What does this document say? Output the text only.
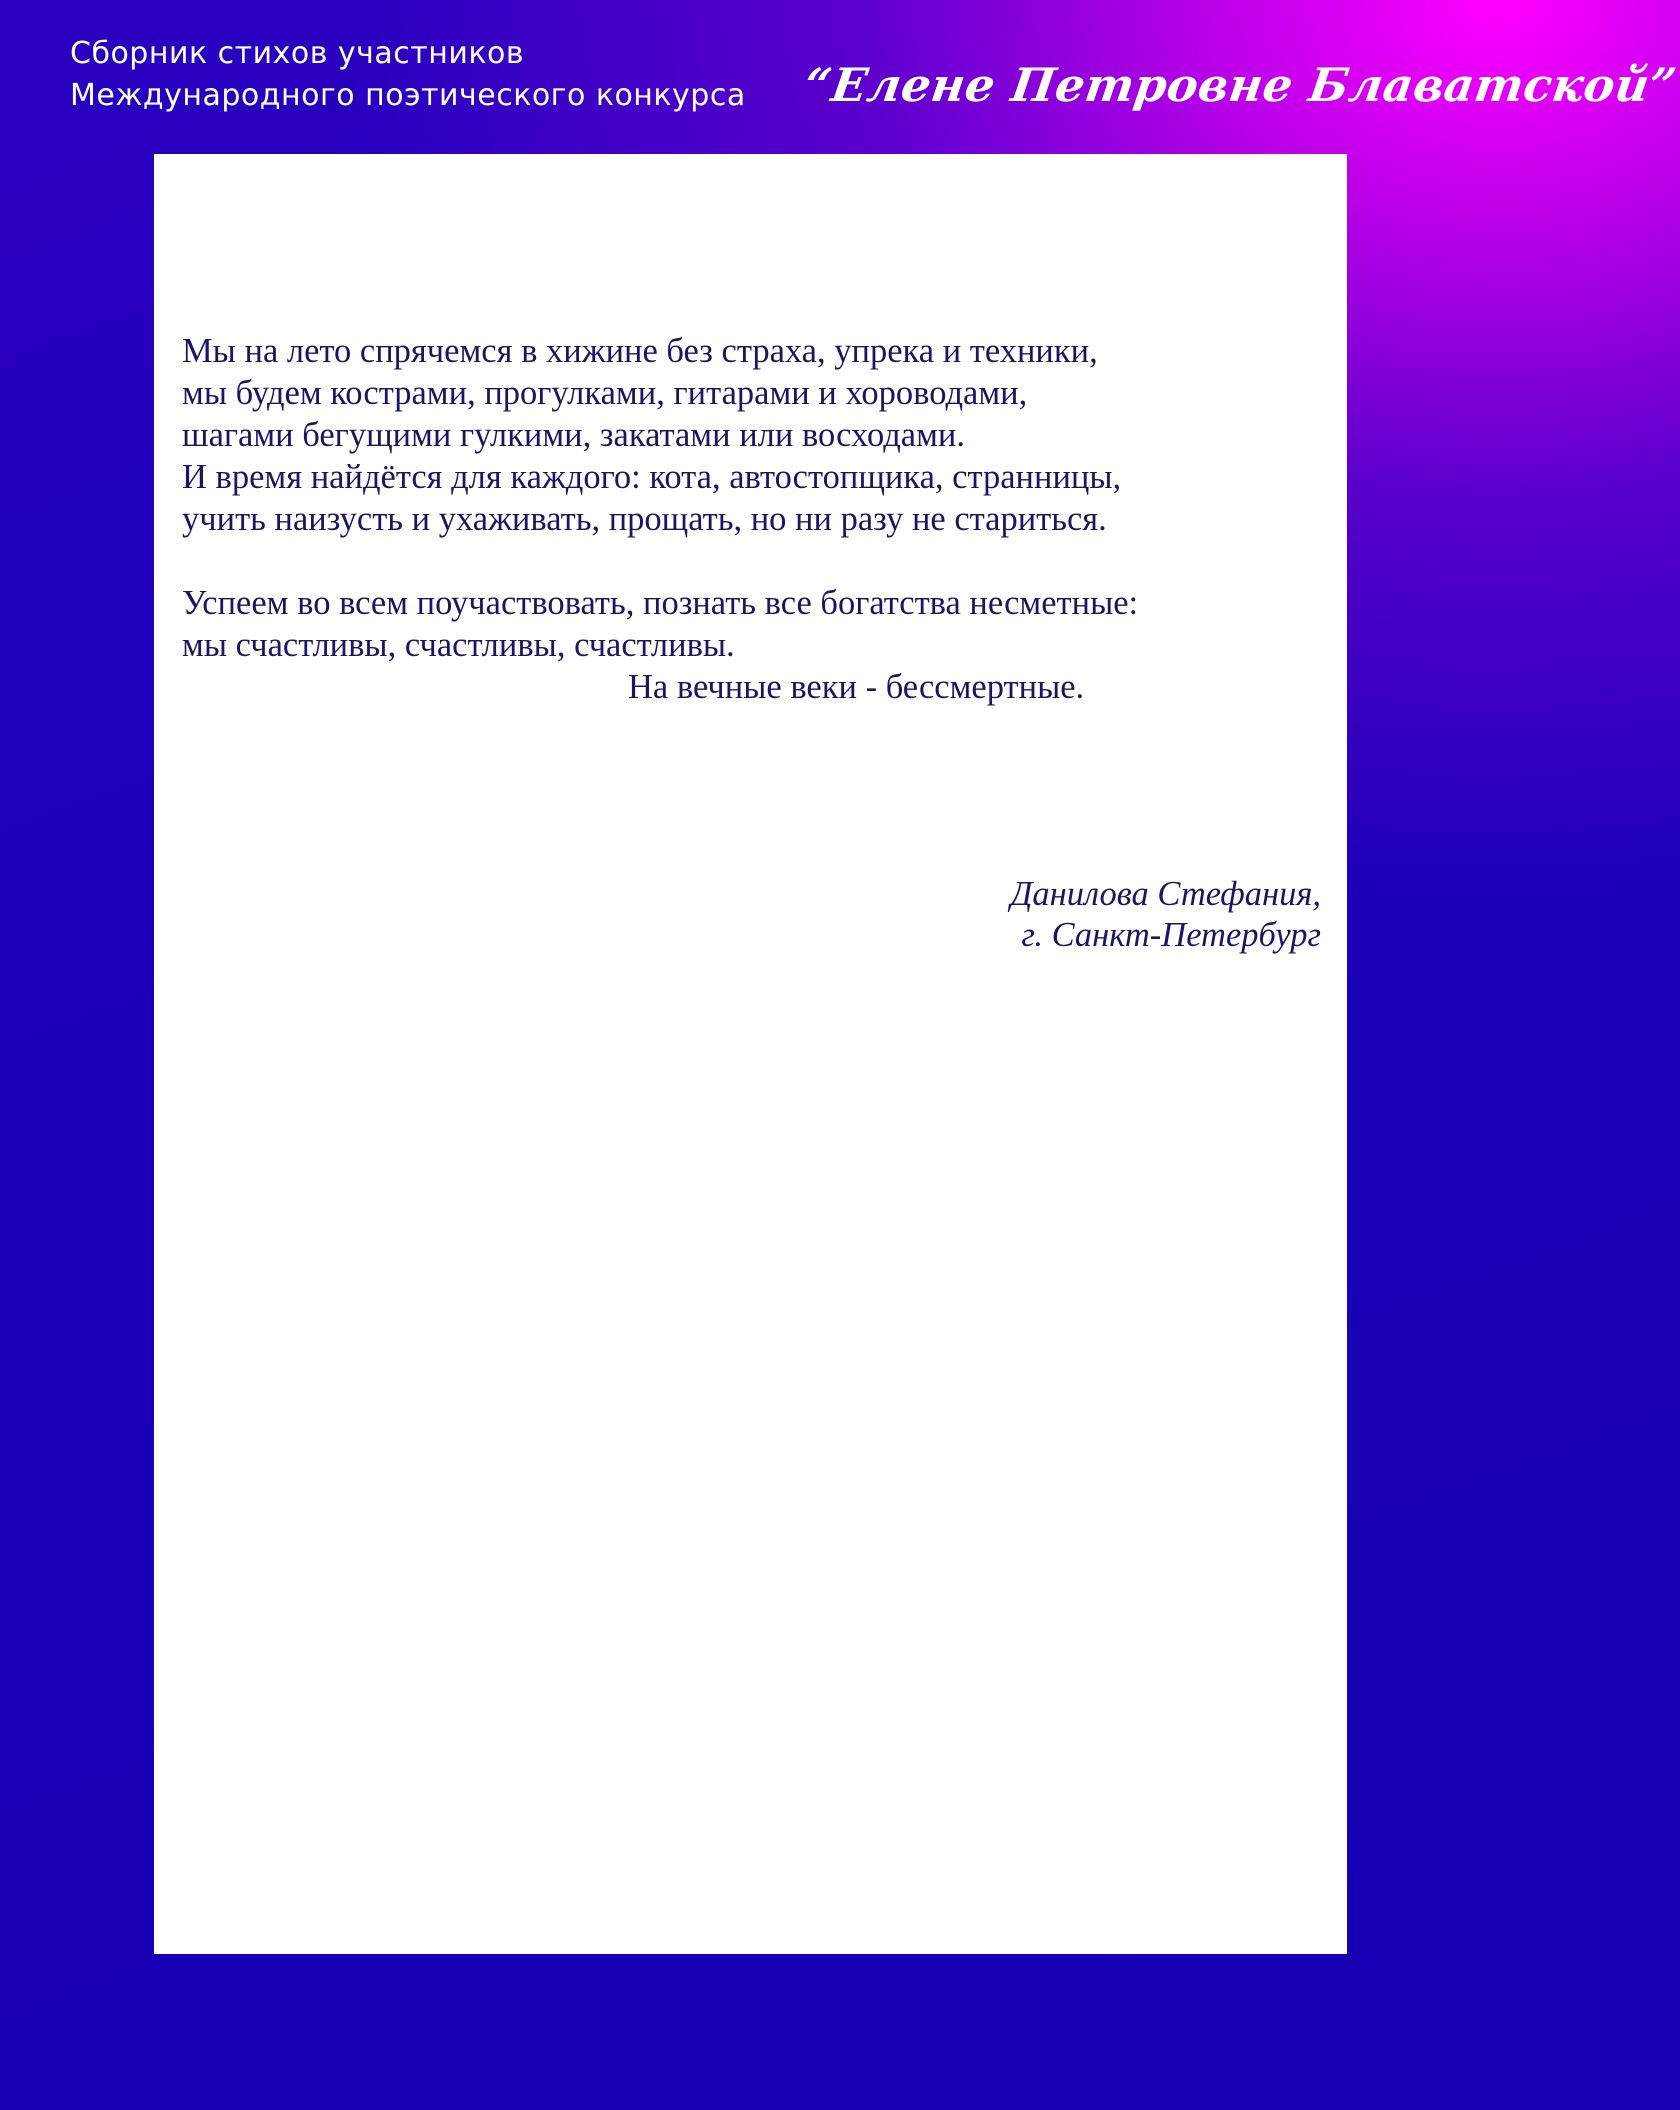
Сборник стихов участников
Международного поэтического конкурса “Елене Петровне Блаватской”
Мы на лето спрячемся в хижине без страха, упрека и техники,
мы будем кострами, прогулками, гитарами и хороводами,
шагами бегущими гулкими, закатами или восходами.
И время найдётся для каждого: кота, автостопщика, странницы,
учить наизусть и ухаживать, прощать, но ни разу не стариться.
Успеем во всем поучаствовать, познать все богатства несметные:
мы счастливы, счастливы, счастливы.
На вечные веки - бессмертные.
Данилова Стефания,
г. Санкт-Петербург
